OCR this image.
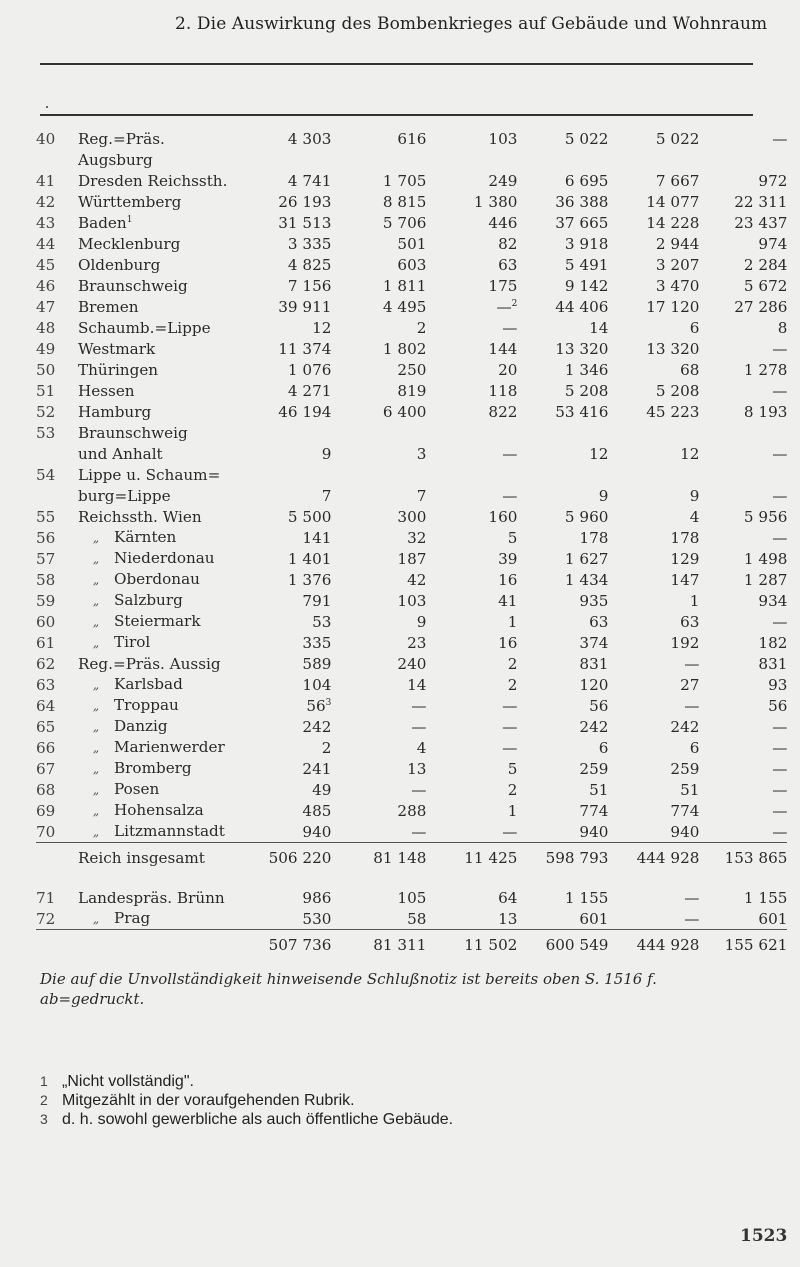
2. Die Auswirkung des Bombenkrieges auf Gebäude und Wohnraum
40	Reg.=Präs.	4 303	616	103	5 022	5 022	—
	Augsburg						
41	Dresden Reichssth.	4 741	1 705	249	6 695	7 667	972
42	Württemberg	26 193	8 815	1 380	36 388	14 077	22 311
43	Baden$^1$	31 513	5 706	446	37 665	14 228	23 437
44	Mecklenburg	3 335	501	82	3 918	2 944	974
45	Oldenburg	4 825	603	63	5 491	3 207	2 284
46	Braunschweig	7 156	1 811	175	9 142	3 470	5 672
47	Bremen	39 911	4 495	—$^2$	44 406	17 120	27 286
48	Schaumb.=Lippe	12	2	—	14	6	8
49	Westmark	11 374	1 802	144	13 320	13 320	—
50	Thüringen	1 076	250	20	1 346	68	1 278
51	Hessen	4 271	819	118	5 208	5 208	—
52	Hamburg	46 194	6 400	822	53 416	45 223	8 193
53	Braunschweig						
	und Anhalt	9	3	—	12	12	—
54	Lippe u. Schaum=						
	burg=Lippe	7	7	—	9	9	—
55	Reichssth. Wien	5 500	300	160	5 960	4	5 956
56	„ Kärnten	141	32	5	178	178	—
57	„ Niederdonau	1 401	187	39	1 627	129	1 498
58	„ Oberdonau	1 376	42	16	1 434	147	1 287
59	„ Salzburg	791	103	41	935	1	934
60	„ Steiermark	53	9	1	63	63	—
61	„ Tirol	335	23	16	374	192	182
62	Reg.=Präs. Aussig	589	240	2	831	—	831
63	„ Karlsbad	104	14	2	120	27	93
64	„ Troppau	$56^3$	—	—	56	—	56
65	„ Danzig	242	—	—	242	242	—
66	„ Marienwerder	2	4	—	6	6	—
67	„ Bromberg	241	13	5	259	259	—
68	„ Posen	49	—	2	51	51	—
69	„ Hohensalza	485	288	1	774	774	—
70	„ Litzmannstadt	940	—	—	940	940	—
	Reich insgesamt	506 220	81 148	11 425	598 793	444 928	153 865

71	Landespräs. Brünn	986	105	64	1 155	—	1 155
72	„ Prag	530	58	13	601	—	601
		507 736	81 311	11 502	600 549	444 928	155 621
Die auf die Unvollständigkeit hinweisende Schlußnotiz ist bereits oben S. 1516 f. ab=gedruckt.
1 „Nicht vollständig".
2 Mitgezählt in der voraufgehenden Rubrik.
3 d. h. sowohl gewerbliche als auch öffentliche Gebäude.
1523
